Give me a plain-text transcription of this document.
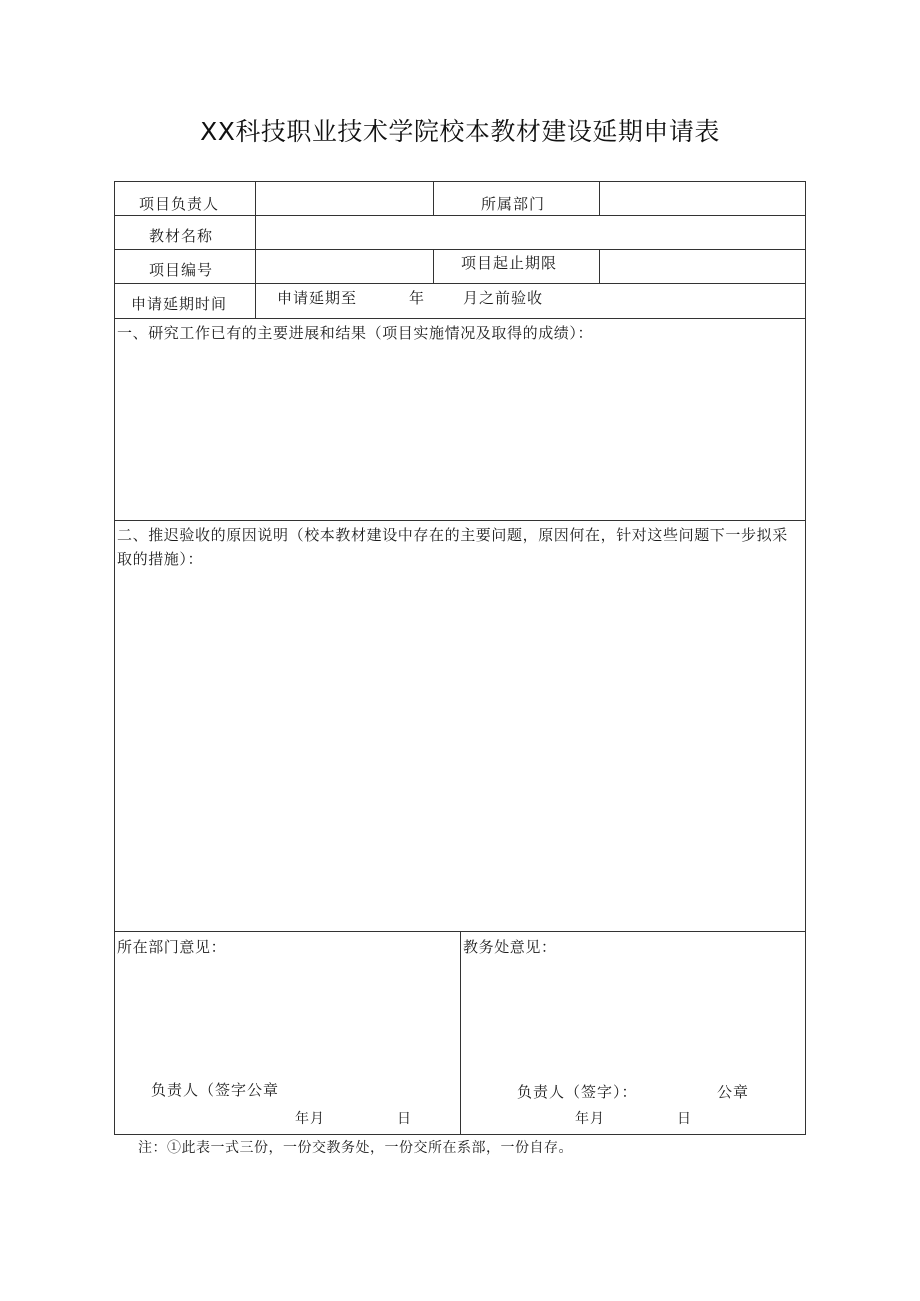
XX科技职业技术学院校本教材建设延期申请表
项目负责人	所属部门
教材名称
项目编号	项目起止期限
申请延期时间	申请延期至	年	月之前验收
一、研究工作已有的主要进展和结果（项目实施情况及取得的成绩）：
二、推迟验收的原因说明（校本教材建设中存在的主要问题，原因何在，针对这些问题下一步拟采取的措施）：
所在部门意见：
负责人（签字公章
年月	日
教务处意见：
负责人（签字）：	公章
年月	日
注：①此表一式三份，一份交教务处，一份交所在系部，一份自存。
